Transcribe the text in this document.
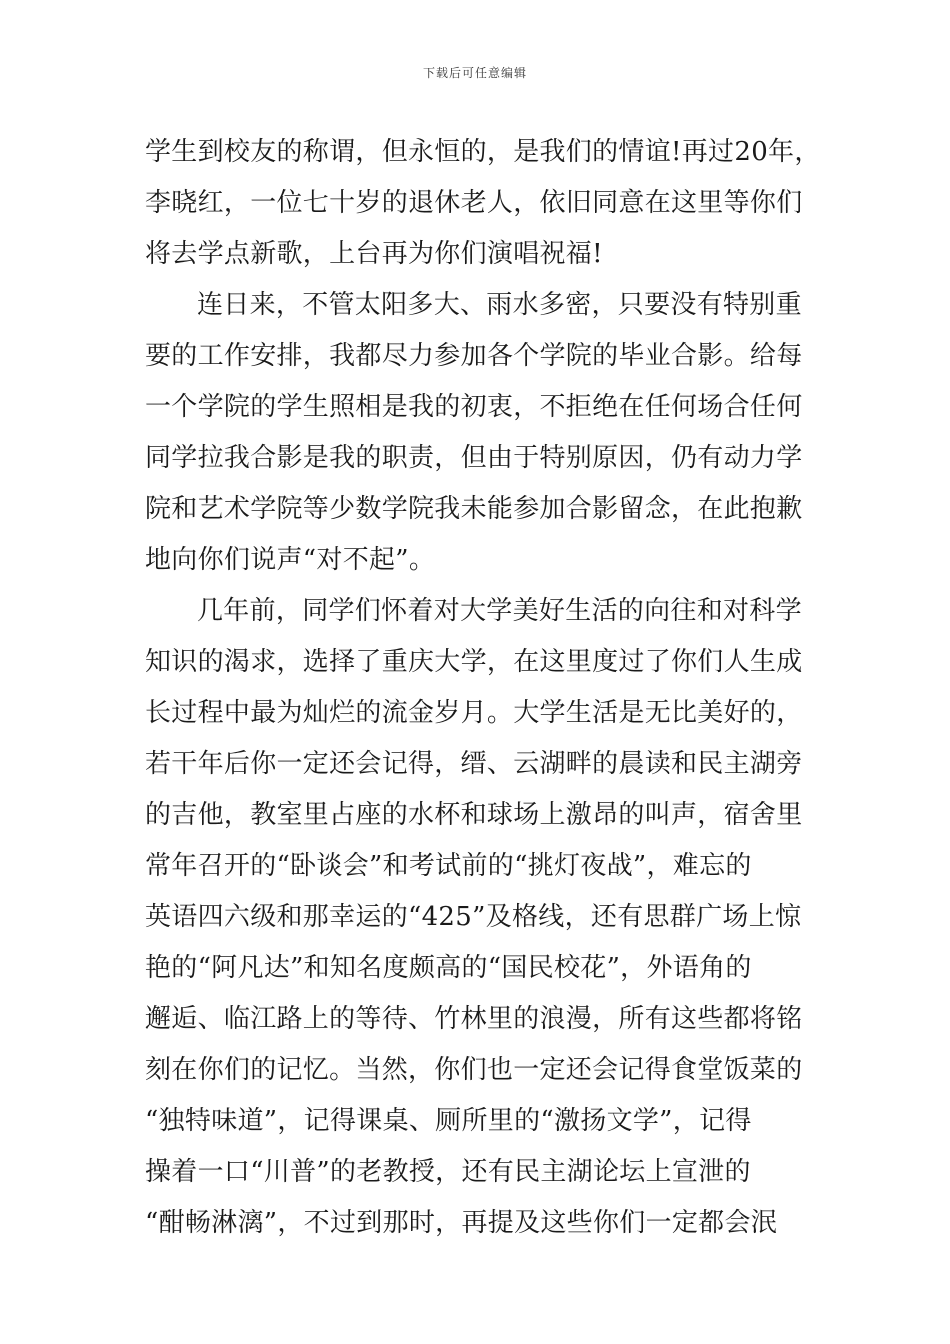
下载后可任意编辑
学生到校友的称谓，但永恒的，是我们的情谊!再过20年，
李晓红，一位七十岁的退休老人，依旧同意在这里等你们
将去学点新歌，上台再为你们演唱祝福!
连日来，不管太阳多大、雨水多密，只要没有特别重
要的工作安排，我都尽力参加各个学院的毕业合影。给每
一个学院的学生照相是我的初衷，不拒绝在任何场合任何
同学拉我合影是我的职责，但由于特别原因，仍有动力学
院和艺术学院等少数学院我未能参加合影留念，在此抱歉
地向你们说声“对不起”。
几年前，同学们怀着对大学美好生活的向往和对科学
知识的渴求，选择了重庆大学，在这里度过了你们人生成
长过程中最为灿烂的流金岁月。大学生活是无比美好的，
若干年后你一定还会记得，缙、云湖畔的晨读和民主湖旁
的吉他，教室里占座的水杯和球场上激昂的叫声，宿舍里
常年召开的“卧谈会”和考试前的“挑灯夜战”，难忘的
英语四六级和那幸运的“425”及格线，还有思群广场上惊
艳的“阿凡达”和知名度颇高的“国民校花”，外语角的
邂逅、临江路上的等待、竹林里的浪漫，所有这些都将铭
刻在你们的记忆。当然，你们也一定还会记得食堂饭菜的
“独特味道”，记得课桌、厕所里的“激扬文学”，记得
操着一口“川普”的老教授，还有民主湖论坛上宣泄的
“酣畅淋漓”，不过到那时，再提及这些你们一定都会泯
